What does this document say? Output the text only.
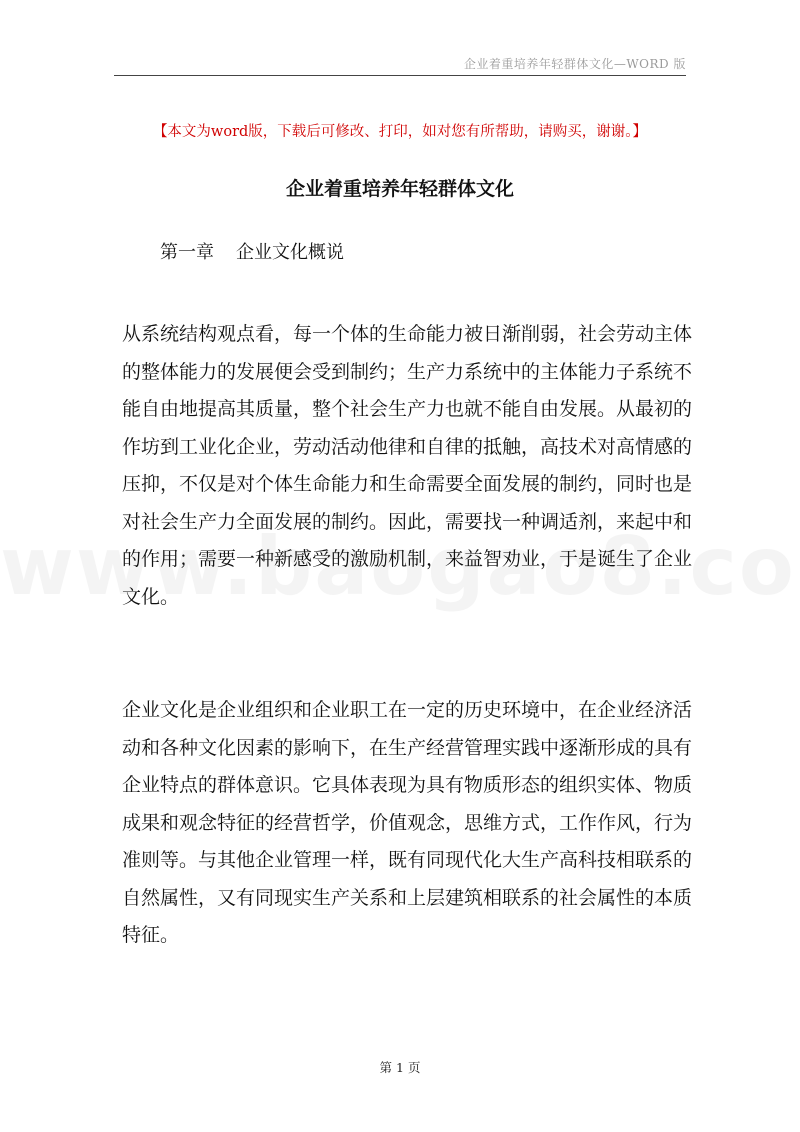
企业着重培养年轻群体文化—WORD 版
【本文为word版，下载后可修改、打印，如对您有所帮助，请购买，谢谢。】
企业着重培养年轻群体文化
第一章 企业文化概说
从系统结构观点看，每一个体的生命能力被日渐削弱，社会劳动主体
的整体能力的发展便会受到制约；生产力系统中的主体能力子系统不
能自由地提高其质量，整个社会生产力也就不能自由发展。从最初的
作坊到工业化企业，劳动活动他律和自律的抵触，高技术对高情感的
压抑，不仅是对个体生命能力和生命需要全面发展的制约，同时也是
对社会生产力全面发展的制约。因此，需要找一种调适剂，来起中和
的作用；需要一种新感受的激励机制，来益智劝业，于是诞生了企业
文化。
企业文化是企业组织和企业职工在一定的历史环境中，在企业经济活
动和各种文化因素的影响下，在生产经营管理实践中逐渐形成的具有
企业特点的群体意识。它具体表现为具有物质形态的组织实体、物质
成果和观念特征的经营哲学，价值观念，思维方式，工作作风，行为
准则等。与其他企业管理一样，既有同现代化大生产高科技相联系的
自然属性，又有同现实生产关系和上层建筑相联系的社会属性的本质
特征。
第 1 页
